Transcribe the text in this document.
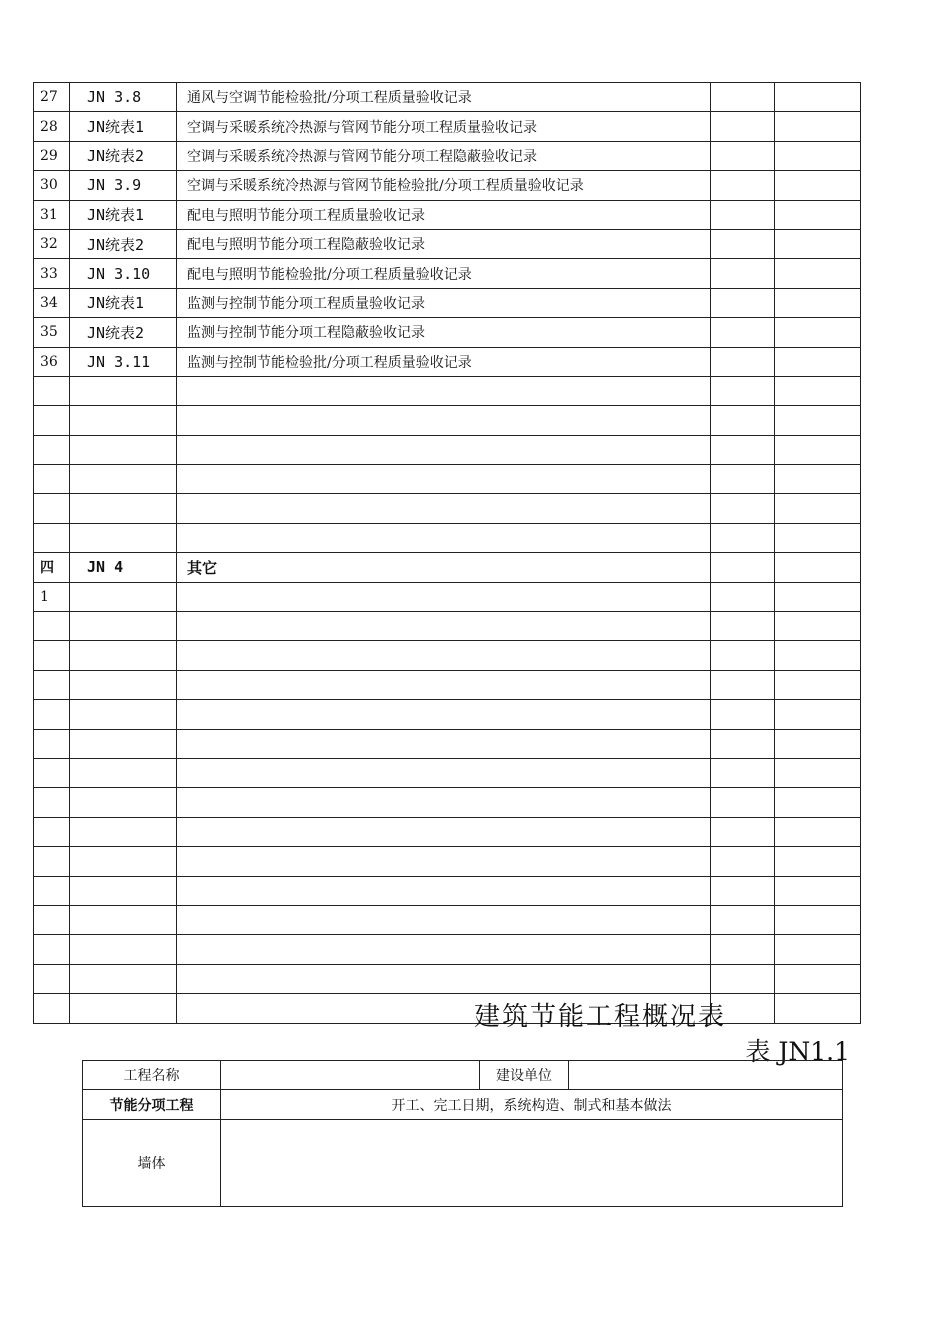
27	JN 3.8	通风与空调节能检验批/分项工程质量验收记录		
28	JN统表1	空调与采暖系统冷热源与管网节能分项工程质量验收记录		
29	JN统表2	空调与采暖系统冷热源与管网节能分项工程隐蔽验收记录		
30	JN 3.9	空调与采暖系统冷热源与管网节能检验批/分项工程质量验收记录		
31	JN统表1	配电与照明节能分项工程质量验收记录		
32	JN统表2	配电与照明节能分项工程隐蔽验收记录		
33	JN 3.10	配电与照明节能检验批/分项工程质量验收记录		
34	JN统表1	监测与控制节能分项工程质量验收记录		
35	JN统表2	监测与控制节能分项工程隐蔽验收记录		
36	JN 3.11	监测与控制节能检验批/分项工程质量验收记录		

四	JN 4	其它		
1				

建筑节能工程概况表
表 JN1.1
工程名称		建设单位	
节能分项工程	开工、完工日期，系统构造、制式和基本做法		
墙体			
